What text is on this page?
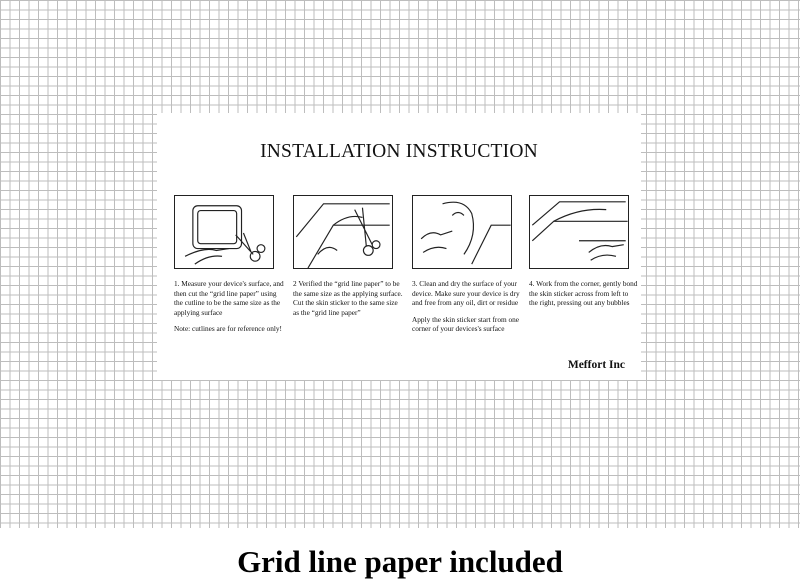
INSTALLATION INSTRUCTION

1. Measure your device's surface, and then cut the “grid line paper” using the cutline to be the same size as the applying surface

Note: cutlines are for reference only!

2 Verified the “grid line paper” to be the same size as the applying surface. Cut the skin sticker to the same size as the “grid line paper”

3. Clean and dry the surface of your device. Make sure your device is dry and free from any oil, dirt or residue

Apply the skin sticker start from one corner of your devices's surface

4. Work from the corner, gently bond the skin sticker across from left to the right, pressing out any bubbles

Meffort Inc
Grid line paper included
